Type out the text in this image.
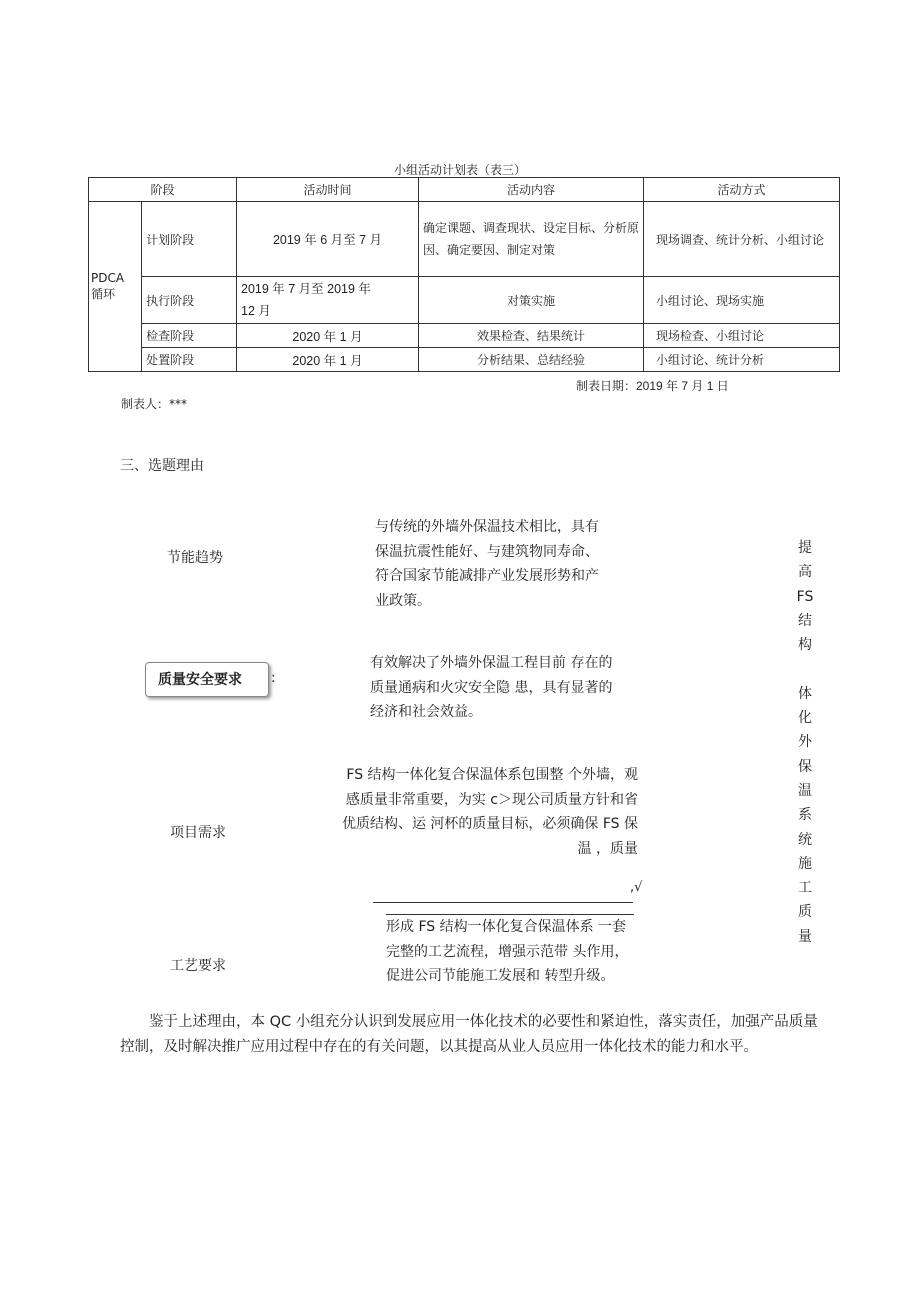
小组活动计划表（表三）
阶段		活动时间	活动内容	活动方式
PDCA 循环	计划阶段	2019 年 6 月至 7 月	确定课题、调查现状、设定目标、分析原因、确定要因、制定对策	现场调查、统计分析、小组讨论
	执行阶段	2019 年 7 月至 2019 年 12 月	对策实施	小组讨论、现场实施
	检查阶段	2020 年 1 月	效果检查、结果统计	现场检查、小组讨论
	处置阶段	2020 年 1 月	分析结果、总结经验	小组讨论、统计分析
制表日期：2019 年 7 月 1 日
制表人：***
三、选题理由
节能趋势
与传统的外墙外保温技术相比，具有保温抗震性能好、与建筑物同寿命、符合国家节能减排产业发展形势和产业政策。
质量安全要求	:
有效解决了外墙外保温工程目前 存在的质量通病和火灾安全隐 患，具有显著的经济和社会效益。
项目需求
FS 结构一体化复合保温体系包围整 个外墙，观感质量非常重要，为实 c＞现公司质量方针和省优质结构、运 河杯的质量目标，必须确保 FS 保温 ，质量
,√
工艺要求
形成 FS 结构一体化复合保温体系 一套完整的工艺流程，增强示范带 头作用，促进公司节能施工发展和 转型升级。
提
高
FS
结
构
体
化
外
保
温
系
统
施
工
质
量
鉴于上述理由，本 QC 小组充分认识到发展应用一体化技术的必要性和紧迫性，落实责任，加强产品质量控制，及时解决推广应用过程中存在的有关问题，以其提高从业人员应用一体化技术的能力和水平。
